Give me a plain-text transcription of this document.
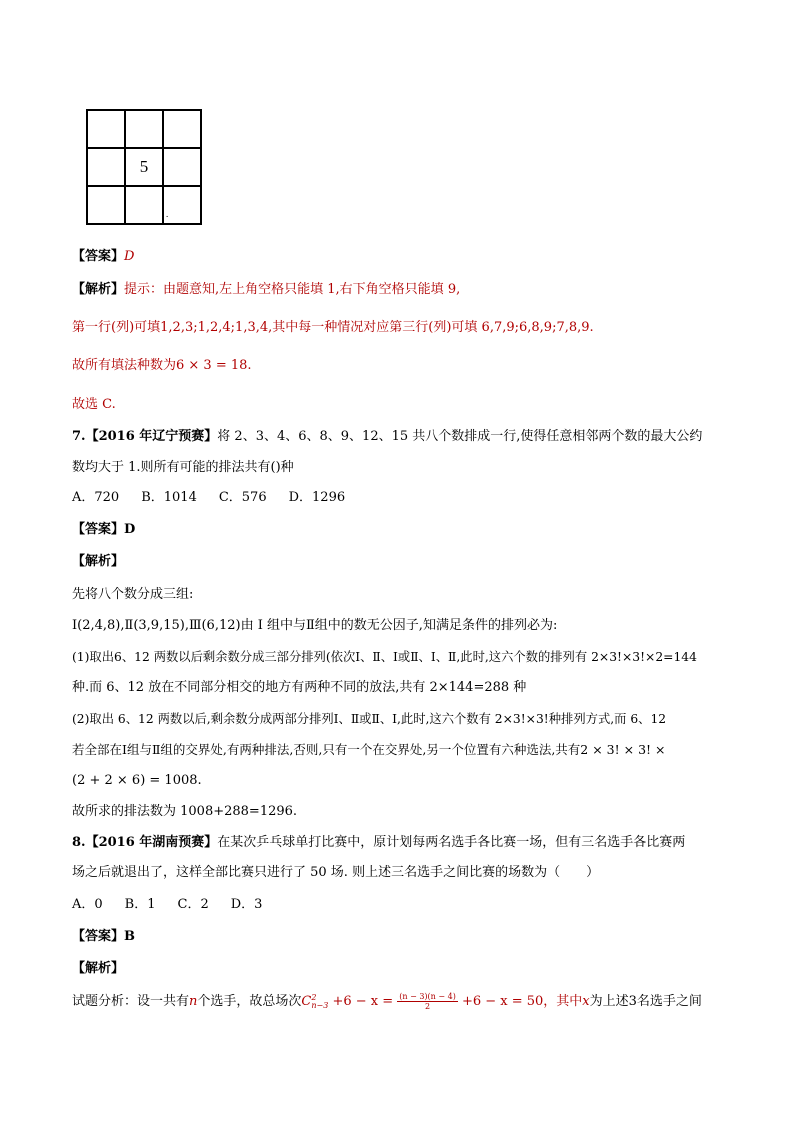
5
.
【答案】D
【解析】提示：由题意知,左上角空格只能填 1,右下角空格只能填 9,
第一行(列)可填1,2,3;1,2,4;1,3,4,其中每一种情况对应第三行(列)可填 6,7,9;6,8,9;7,8,9.
故所有填法种数为6 × 3 = 18.
故选 C.
7.【2016 年辽宁预赛】将 2、3、4、6、8、9、12、15 共八个数排成一行,使得任意相邻两个数的最大公约
数均大于 1.则所有可能的排法共有()种
A．720 B．1014 C．576 D．1296
【答案】D
【解析】
先将八个数分成三组:
Ⅰ(2,4,8),Ⅱ(3,9,15),Ⅲ(6,12)由 I 组中与Ⅱ组中的数无公因子,知满足条件的排列必为:
(1)取出6、12 两数以后剩余数分成三部分排列(依次Ⅰ、Ⅱ、Ⅰ或Ⅱ、Ⅰ、Ⅱ,此时,这六个数的排列有 2×3!×3!×2=144
种.而 6、12 放在不同部分相交的地方有两种不同的放法,共有 2×144=288 种
(2)取出 6、12 两数以后,剩余数分成两部分排列Ⅰ、Ⅱ或Ⅱ、Ⅰ,此时,这六个数有 2×3!×3!种排列方式,而 6、12
若全部在Ⅰ组与Ⅱ组的交界处,有两种排法,否则,只有一个在交界处,另一个位置有六种选法,共有2 × 3! × 3! ×
(2 + 2 × 6) = 1008.
故所求的排法数为 1008+288=1296.
8.【2016 年湖南预赛】在某次乒乓球单打比赛中，原计划每两名选手各比赛一场，但有三名选手各比赛两
场之后就退出了，这样全部比赛只进行了 50 场. 则上述三名选手之间比赛的场数为（　　）
A．0 B．1 C．2 D．3
【答案】B
【解析】
试题分析：设一共有n个选手，故总场次C 2
$n-3 +6 - x = \frac{(n - 3)(n - 4)}{2} +6 - x = 50$，其中x为上述3名选手之间
